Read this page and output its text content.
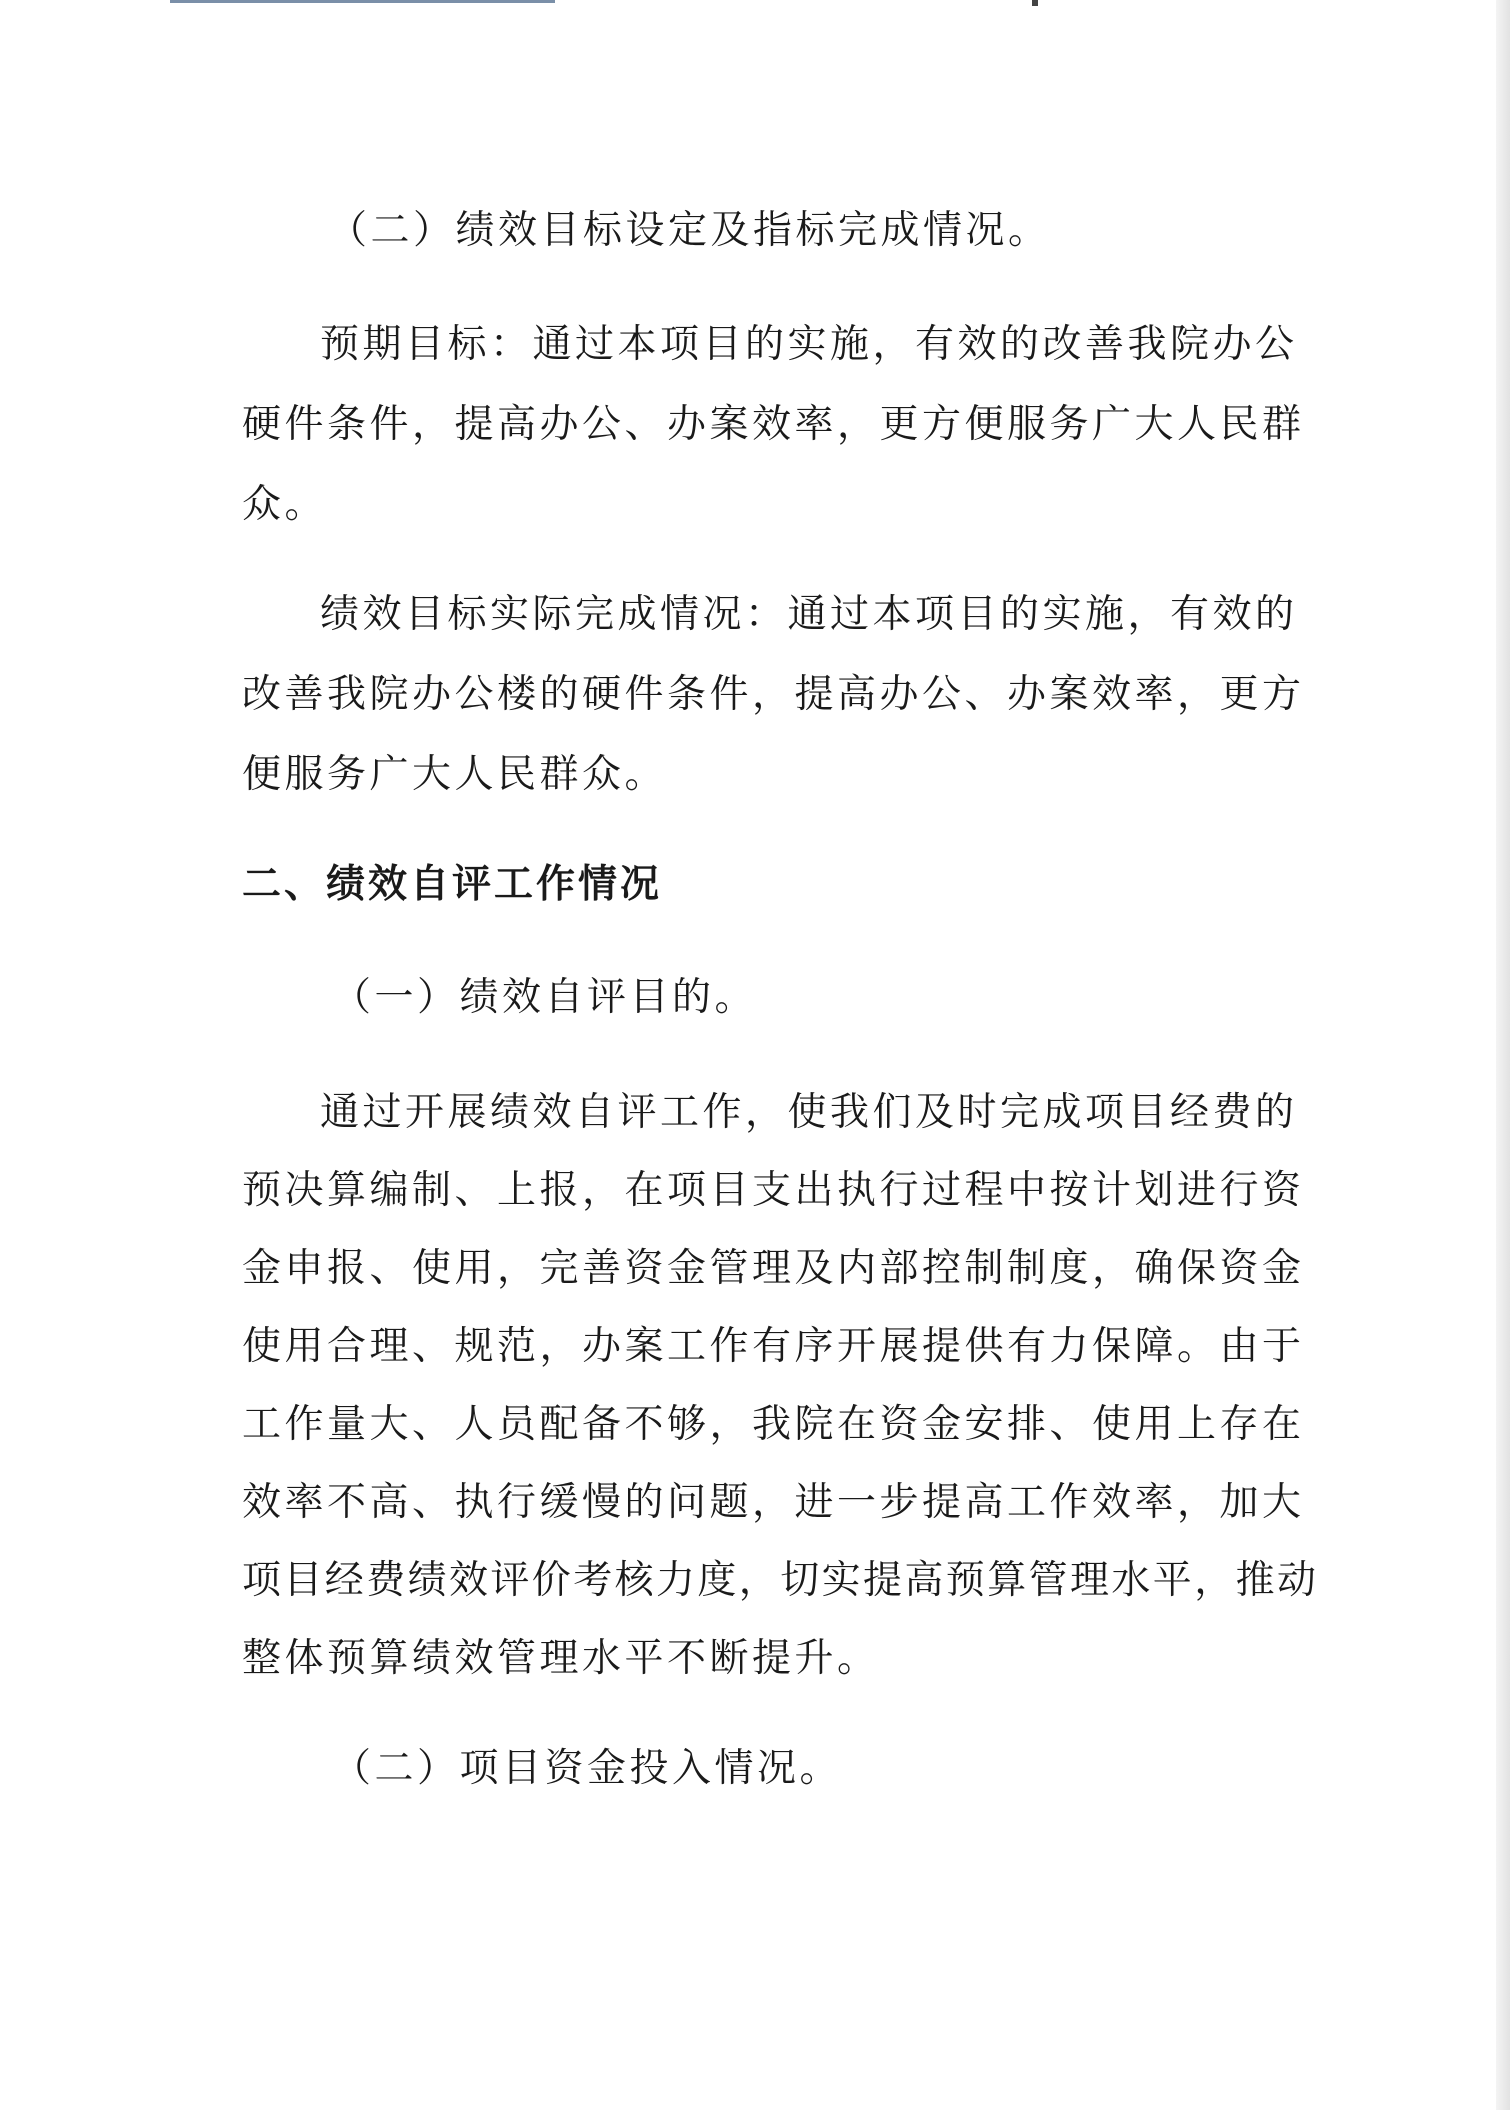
（二）绩效目标设定及指标完成情况。
预期目标：通过本项目的实施，有效的改善我院办公
硬件条件，提高办公、办案效率，更方便服务广大人民群
众。
绩效目标实际完成情况：通过本项目的实施，有效的
改善我院办公楼的硬件条件，提高办公、办案效率，更方
便服务广大人民群众。
二、绩效自评工作情况
（一）绩效自评目的。
通过开展绩效自评工作，使我们及时完成项目经费的
预决算编制、上报，在项目支出执行过程中按计划进行资
金申报、使用，完善资金管理及内部控制制度，确保资金
使用合理、规范，办案工作有序开展提供有力保障。由于
工作量大、人员配备不够，我院在资金安排、使用上存在
效率不高、执行缓慢的问题，进一步提高工作效率，加大
项目经费绩效评价考核力度，切实提高预算管理水平，推动
整体预算绩效管理水平不断提升。
（二）项目资金投入情况。
